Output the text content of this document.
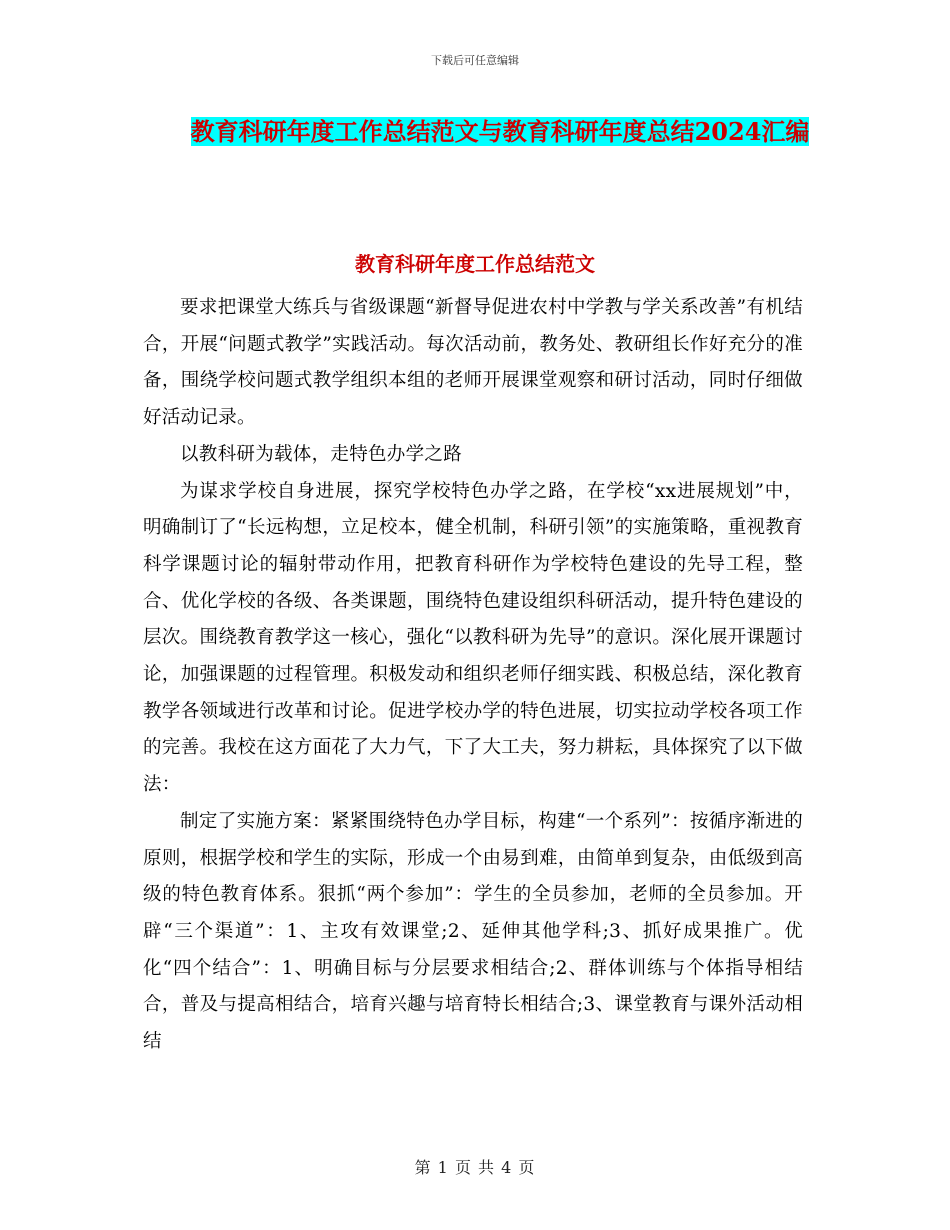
下载后可任意编辑
教育科研年度工作总结范文与教育科研年度总结2024汇编
教育科研年度工作总结范文

要求把课堂大练兵与省级课题“新督导促进农村中学教与学关系改善”有机结合，开展“问题式教学”实践活动。每次活动前，教务处、教研组长作好充分的准备，围绕学校问题式教学组织本组的老师开展课堂观察和研讨活动，同时仔细做好活动记录。

以教科研为载体，走特色办学之路

为谋求学校自身进展，探究学校特色办学之路，在学校“xx进展规划”中，明确制订了“长远构想，立足校本，健全机制，科研引领”的实施策略，重视教育科学课题讨论的辐射带动作用，把教育科研作为学校特色建设的先导工程，整合、优化学校的各级、各类课题，围绕特色建设组织科研活动，提升特色建设的层次。围绕教育教学这一核心，强化“以教科研为先导”的意识。深化展开课题讨论，加强课题的过程管理。积极发动和组织老师仔细实践、积极总结，深化教育教学各领域进行改革和讨论。促进学校办学的特色进展，切实拉动学校各项工作的完善。我校在这方面花了大力气，下了大工夫，努力耕耘，具体探究了以下做法：

制定了实施方案：紧紧围绕特色办学目标，构建“一个系列”：按循序渐进的原则，根据学校和学生的实际，形成一个由易到难，由简单到复杂，由低级到高级的特色教育体系。狠抓“两个参加”：学生的全员参加，老师的全员参加。开辟“三个渠道”：1、主攻有效课堂;2、延伸其他学科;3、抓好成果推广。优化“四个结合”：1、明确目标与分层要求相结合;2、群体训练与个体指导相结合，普及与提高相结合，培育兴趣与培育特长相结合;3、课堂教育与课外活动相结

第 1 页 共 4 页
